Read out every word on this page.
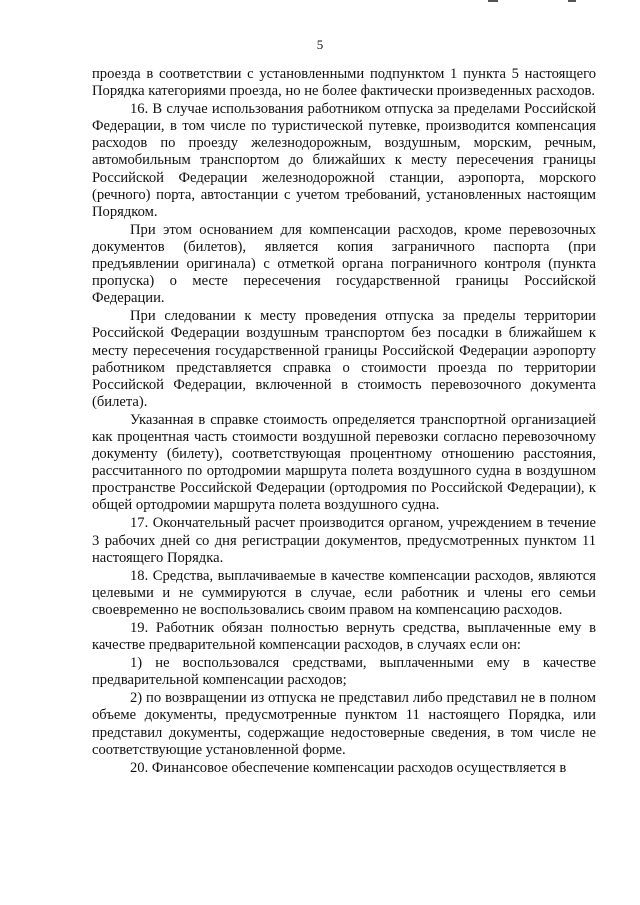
5

проезда в соответствии с установленными подпунктом 1 пункта 5 настоящего Порядка категориями проезда, но не более фактически произведенных расходов.

16. В случае использования работником отпуска за пределами Российской Федерации, в том числе по туристической путевке, производится компенсация расходов по проезду железнодорожным, воздушным, морским, речным, автомобильным транспортом до ближайших к месту пересечения границы Российской Федерации железнодорожной станции, аэропорта, морского (речного) порта, автостанции с учетом требований, установленных настоящим Порядком.

При этом основанием для компенсации расходов, кроме перевозочных документов (билетов), является копия заграничного паспорта (при предъявлении оригинала) с отметкой органа пограничного контроля (пункта пропуска) о месте пересечения государственной границы Российской Федерации.

При следовании к месту проведения отпуска за пределы территории Российской Федерации воздушным транспортом без посадки в ближайшем к месту пересечения государственной границы Российской Федерации аэропорту работником представляется справка о стоимости проезда по территории Российской Федерации, включенной в стоимость перевозочного документа (билета).

Указанная в справке стоимость определяется транспортной организацией как процентная часть стоимости воздушной перевозки согласно перевозочному документу (билету), соответствующая процентному отношению расстояния, рассчитанного по ортодромии маршрута полета воздушного судна в воздушном пространстве Российской Федерации (ортодромия по Российской Федерации), к общей ортодромии маршрута полета воздушного судна.

17. Окончательный расчет производится органом, учреждением в течение 3 рабочих дней со дня регистрации документов, предусмотренных пунктом 11 настоящего Порядка.

18. Средства, выплачиваемые в качестве компенсации расходов, являются целевыми и не суммируются в случае, если работник и члены его семьи своевременно не воспользовались своим правом на компенсацию расходов.

19. Работник обязан полностью вернуть средства, выплаченные ему в качестве предварительной компенсации расходов, в случаях если он:

1) не воспользовался средствами, выплаченными ему в качестве предварительной компенсации расходов;

2) по возвращении из отпуска не представил либо представил не в полном объеме документы, предусмотренные пунктом 11 настоящего Порядка, или представил документы, содержащие недостоверные сведения, в том числе не соответствующие установленной форме.

20. Финансовое обеспечение компенсации расходов осуществляется в
